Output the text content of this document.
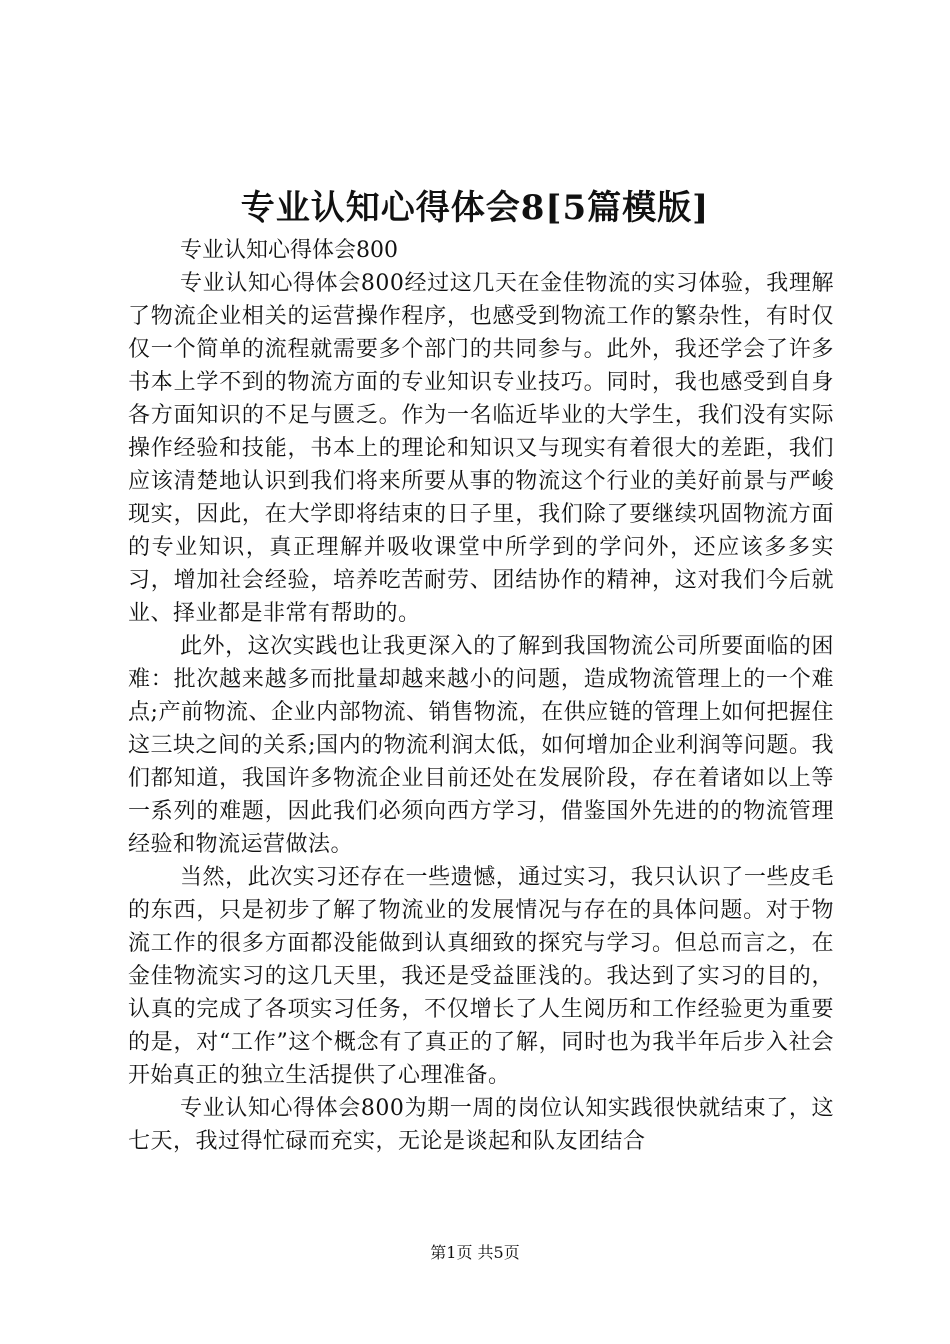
专业认知心得体会8[5篇模版]

专业认知心得体会800

专业认知心得体会800经过这几天在金佳物流的实习体验，我理解了物流企业相关的运营操作程序，也感受到物流工作的繁杂性，有时仅仅一个简单的流程就需要多个部门的共同参与。此外，我还学会了许多书本上学不到的物流方面的专业知识专业技巧。同时，我也感受到自身各方面知识的不足与匮乏。作为一名临近毕业的大学生，我们没有实际操作经验和技能，书本上的理论和知识又与现实有着很大的差距，我们应该清楚地认识到我们将来所要从事的物流这个行业的美好前景与严峻现实，因此，在大学即将结束的日子里，我们除了要继续巩固物流方面的专业知识，真正理解并吸收课堂中所学到的学问外，还应该多多实习，增加社会经验，培养吃苦耐劳、团结协作的精神，这对我们今后就业、择业都是非常有帮助的。

此外，这次实践也让我更深入的了解到我国物流公司所要面临的困难：批次越来越多而批量却越来越小的问题，造成物流管理上的一个难点;产前物流、企业内部物流、销售物流，在供应链的管理上如何把握住这三块之间的关系;国内的物流利润太低，如何增加企业利润等问题。我们都知道，我国许多物流企业目前还处在发展阶段，存在着诸如以上等一系列的难题，因此我们必须向西方学习，借鉴国外先进的的物流管理经验和物流运营做法。

当然，此次实习还存在一些遗憾，通过实习，我只认识了一些皮毛的东西，只是初步了解了物流业的发展情况与存在的具体问题。对于物流工作的很多方面都没能做到认真细致的探究与学习。但总而言之，在金佳物流实习的这几天里，我还是受益匪浅的。我达到了实习的目的，认真的完成了各项实习任务，不仅增长了人生阅历和工作经验更为重要的是，对“工作”这个概念有了真正的了解，同时也为我半年后步入社会开始真正的独立生活提供了心理准备。

专业认知心得体会800为期一周的岗位认知实践很快就结束了，这七天，我过得忙碌而充实，无论是谈起和队友团结合

第1页 共5页
